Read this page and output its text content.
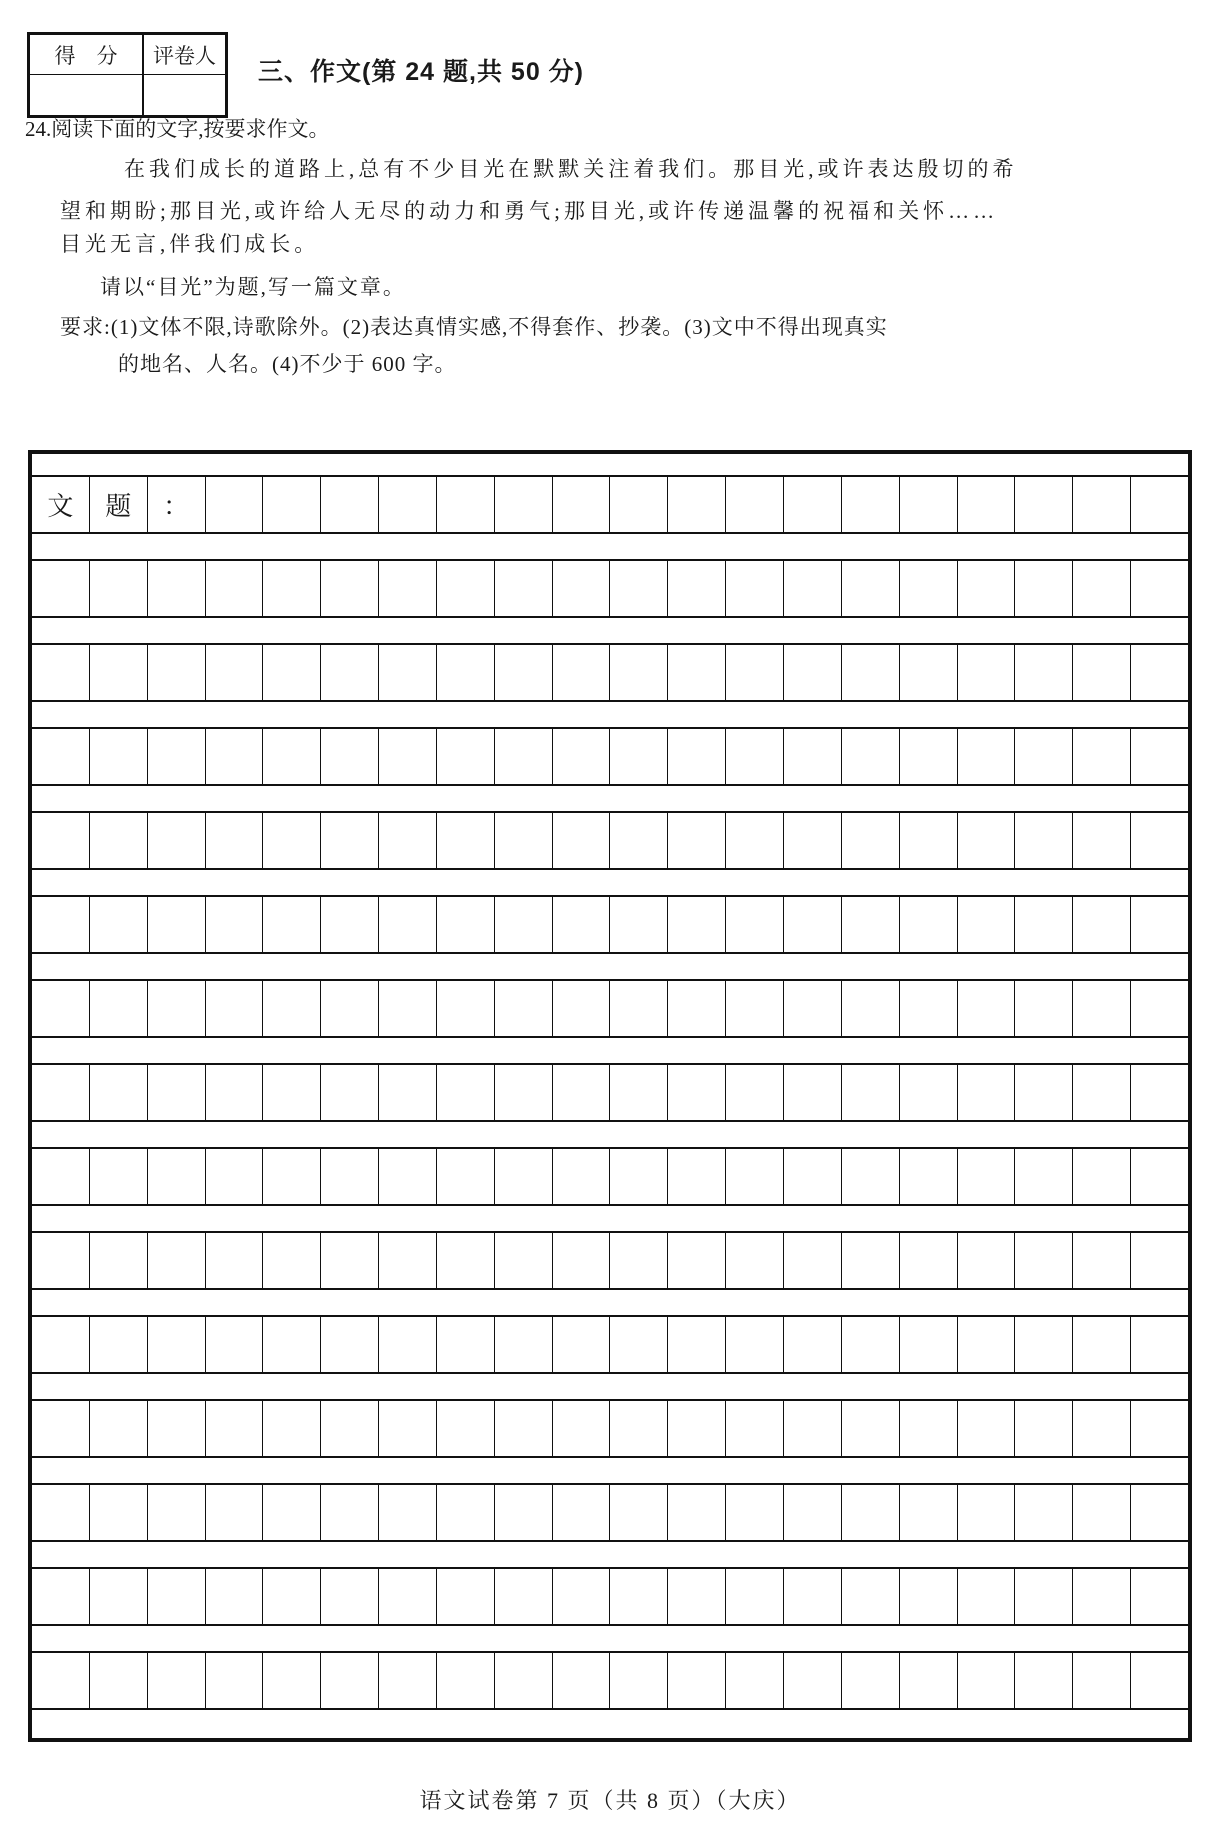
得　分	评卷人
三、作文(第 24 题,共 50 分)
24.阅读下面的文字,按要求作文。
在我们成长的道路上,总有不少目光在默默关注着我们。那目光,或许表达殷切的希
望和期盼;那目光,或许给人无尽的动力和勇气;那目光,或许传递温馨的祝福和关怀……
目光无言,伴我们成长。
请以“目光”为题,写一篇文章。
要求:(1)文体不限,诗歌除外。(2)表达真情实感,不得套作、抄袭。(3)文中不得出现真实
的地名、人名。(4)不少于 600 字。
文	题	：
语文试卷第 7 页（共 8 页）（大庆）
